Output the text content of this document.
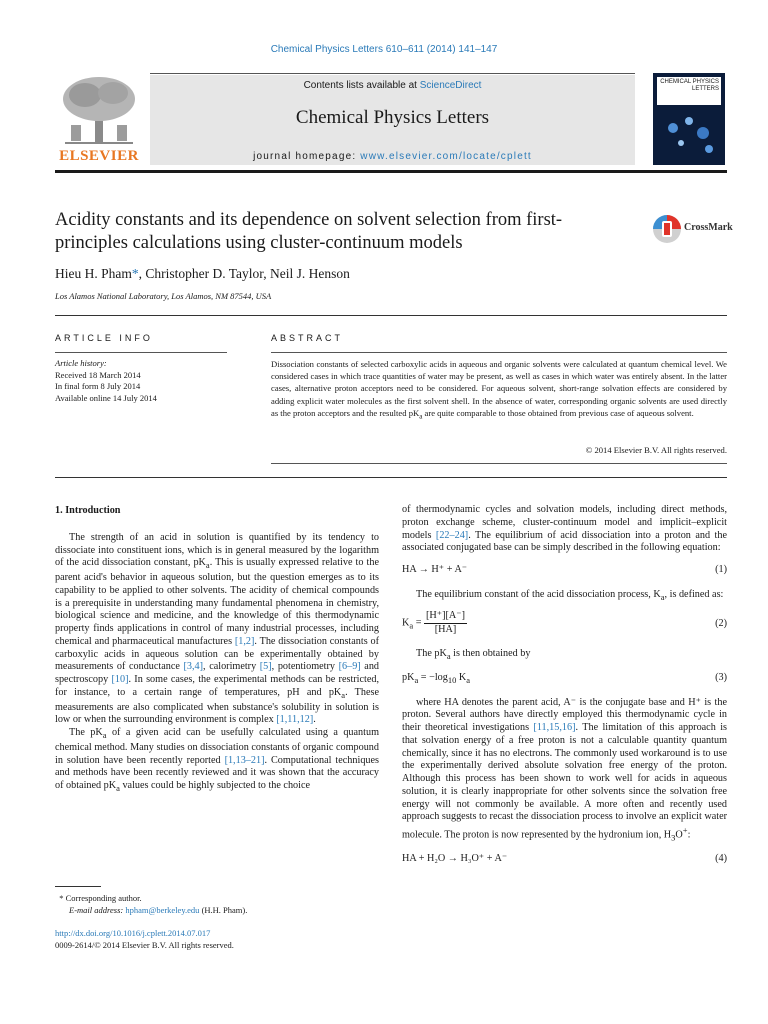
Chemical Physics Letters 610–611 (2014) 141–147
ELSEVIER
Contents lists available at ScienceDirect
Chemical Physics Letters
journal homepage: www.elsevier.com/locate/cplett
CHEMICAL PHYSICS LETTERS
Acidity constants and its dependence on solvent selection from first-principles calculations using cluster-continuum models
CrossMark
Hieu H. Pham*, Christopher D. Taylor, Neil J. Henson
Los Alamos National Laboratory, Los Alamos, NM 87544, USA
ARTICLE INFO	ABSTRACT
Article history:
Received 18 March 2014
In final form 8 July 2014
Available online 14 July 2014
Dissociation constants of selected carboxylic acids in aqueous and organic solvents were calculated at quantum chemical level. We considered cases in which trace quantities of water may be present, as well as cases in which water was entirely absent. In the latter cases, alternative proton acceptors need to be considered. For aqueous solvent, short-range solvation effects are considered by adding explicit water molecules as the first solvent shell. In the absence of water, corresponding organic solvents are used directly as the proton acceptors and the resulted $pK_a$ are quite comparable to those obtained from previous case of aqueous solvent.
© 2014 Elsevier B.V. All rights reserved.
1. Introduction

The strength of an acid in solution is quantified by its tendency to dissociate into constituent ions, which is in general measured by the logarithm of the acid dissociation constant, $pK_a$. This is usually expressed relative to the parent acid's behavior in aqueous solution, but the question emerges as to its capability to be applied to other solvents. The acidity of chemical compounds is a prerequisite in understanding many fundamental phenomena in chemistry, biological science and medicine, and the knowledge of this thermodynamic property finds applications in control of many industrial processes, including chemical and pharmaceutical manufactures [1,2]. The dissociation constants of carboxylic acids in aqueous solution can be experimentally obtained by measurements of conductance [3,4], calorimetry [5], potentiometry [6–9] and spectroscopy [10]. In some cases, the experimental methods can be restricted, for instance, to a certain range of temperatures, pH and $pK_a$. These measurements are also complicated when substance's solubility in solution is low or when the surrounding environment is complex [1,11,12].

The $pK_a$ of a given acid can be usefully calculated using a quantum chemical method. Many studies on dissociation constants of organic compound in solution have been recently reported [1,13–21]. Computational techniques and methods have been recently reviewed and it was shown that the accuracy of obtained $pK_a$ values could be highly subjected to the choice

of thermodynamic cycles and solvation models, including direct methods, proton exchange scheme, cluster-continuum model and implicit–explicit models [22–24]. The equilibrium of acid dissociation into a proton and the associated conjugated base can be simply described in the following equation:

HA → H⁺ + A⁻	(1)

The equilibrium constant of the acid dissociation process, $K_a$, is defined as:

$K_a = \frac{[H^+][A^-]}{[HA]}$	(2)

The $pK_a$ is then obtained by

$pK_a = -\log_{10}$ $K_a$	(3)

where HA denotes the parent acid, A⁻ is the conjugate base and H⁺ is the proton. Several authors have directly employed this thermodynamic cycle in their theoretical investigations [11,15,16]. The limitation of this approach is that solvation energy of a free proton is not a calculable quantity quantum chemically, since it has no electrons. The commonly used workaround is to use the experimentally derived absolute solvation free energy of the proton. Although this process has been shown to work well for acids in aqueous solution, it is clearly inappropriate for other solvents since the solvation free energy will not commonly be available. A more often and recently used approach suggests to recast the dissociation process to involve an explicit water molecule. The proton is now represented by the hydronium ion, $H_3O^+$:

HA + H₂O → H₃O⁺ + A⁻	(4)
* Corresponding author.
E-mail address: hpham@berkeley.edu (H.H. Pham).
http://dx.doi.org/10.1016/j.cplett.2014.07.017
0009-2614/© 2014 Elsevier B.V. All rights reserved.
